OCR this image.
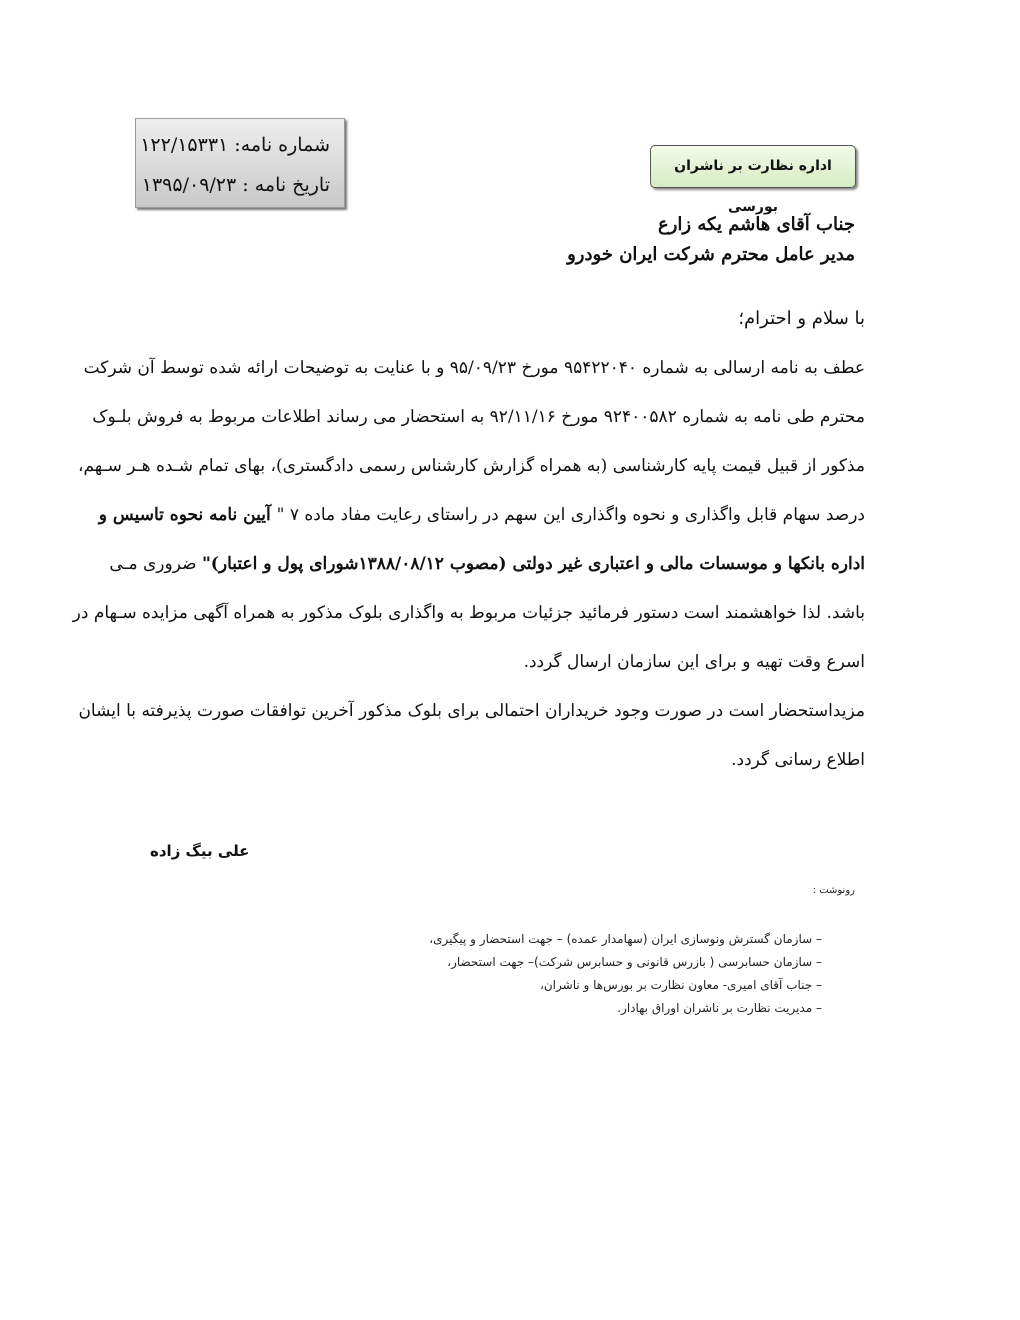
شماره نامه: ۱۲۲/۱۵۳۳۱
تاریخ نامه : ۱۳۹۵/۰۹/۲۳
اداره نظارت بر ناشران بورسی
جناب آقای هاشم یکه زارع
مدیر عامل محترم شرکت ایران خودرو
با سلام و احترام؛
عطف به نامه ارسالی به شماره ۹۵۴۲۲۰۴۰ مورخ ۹۵/۰۹/۲۳ و با عنایت به توضیحات ارائه شده توسط آن شرکت
محترم طی نامه به شماره ۹۲۴۰۰۵۸۲ مورخ ۹۲/۱۱/۱۶ به استحضار می رساند اطلاعات مربوط به فروش بلـوک
مذکور از قبیل قیمت پایه کارشناسی (به همراه گزارش کارشناس رسمی دادگستری)، بهای تمام شـده هـر سـهم،
درصد سهام قابل واگذاری و نحوه واگذاری این سهم در راستای رعایت مفاد ماده ۷ " آیین نامه نحوه تاسیس و
اداره بانکها و موسسات مالی و اعتباری غیر دولتی (مصوب ۱۳۸۸/۰۸/۱۲شورای پول و اعتبار)" ضروری مـی
باشد. لذا خواهشمند است دستور فرمائید جزئیات مربوط به واگذاری بلوک مذکور به همراه آگهی مزایده سـهام در
اسرع وقت تهیه و برای این سازمان ارسال گردد.
مزیداستحضار است در صورت وجود خریداران احتمالی برای بلوک مذکور آخرین توافقات صورت پذیرفته با ایشان
اطلاع رسانی گردد.
علی بیگ زاده
رونوشت :
– سازمان گسترش ونوسازی ایران (سهامدار عمده) – جهت استحضار و پیگیری،
– سازمان حسابرسی ( بازرس قانونی و حسابرس شرکت)– جهت استحضار،
– جناب آقای امیری- معاون نظارت بر بورس‌ها و ناشران،
– مدیریت نظارت بر ناشران اوراق بهادار.
